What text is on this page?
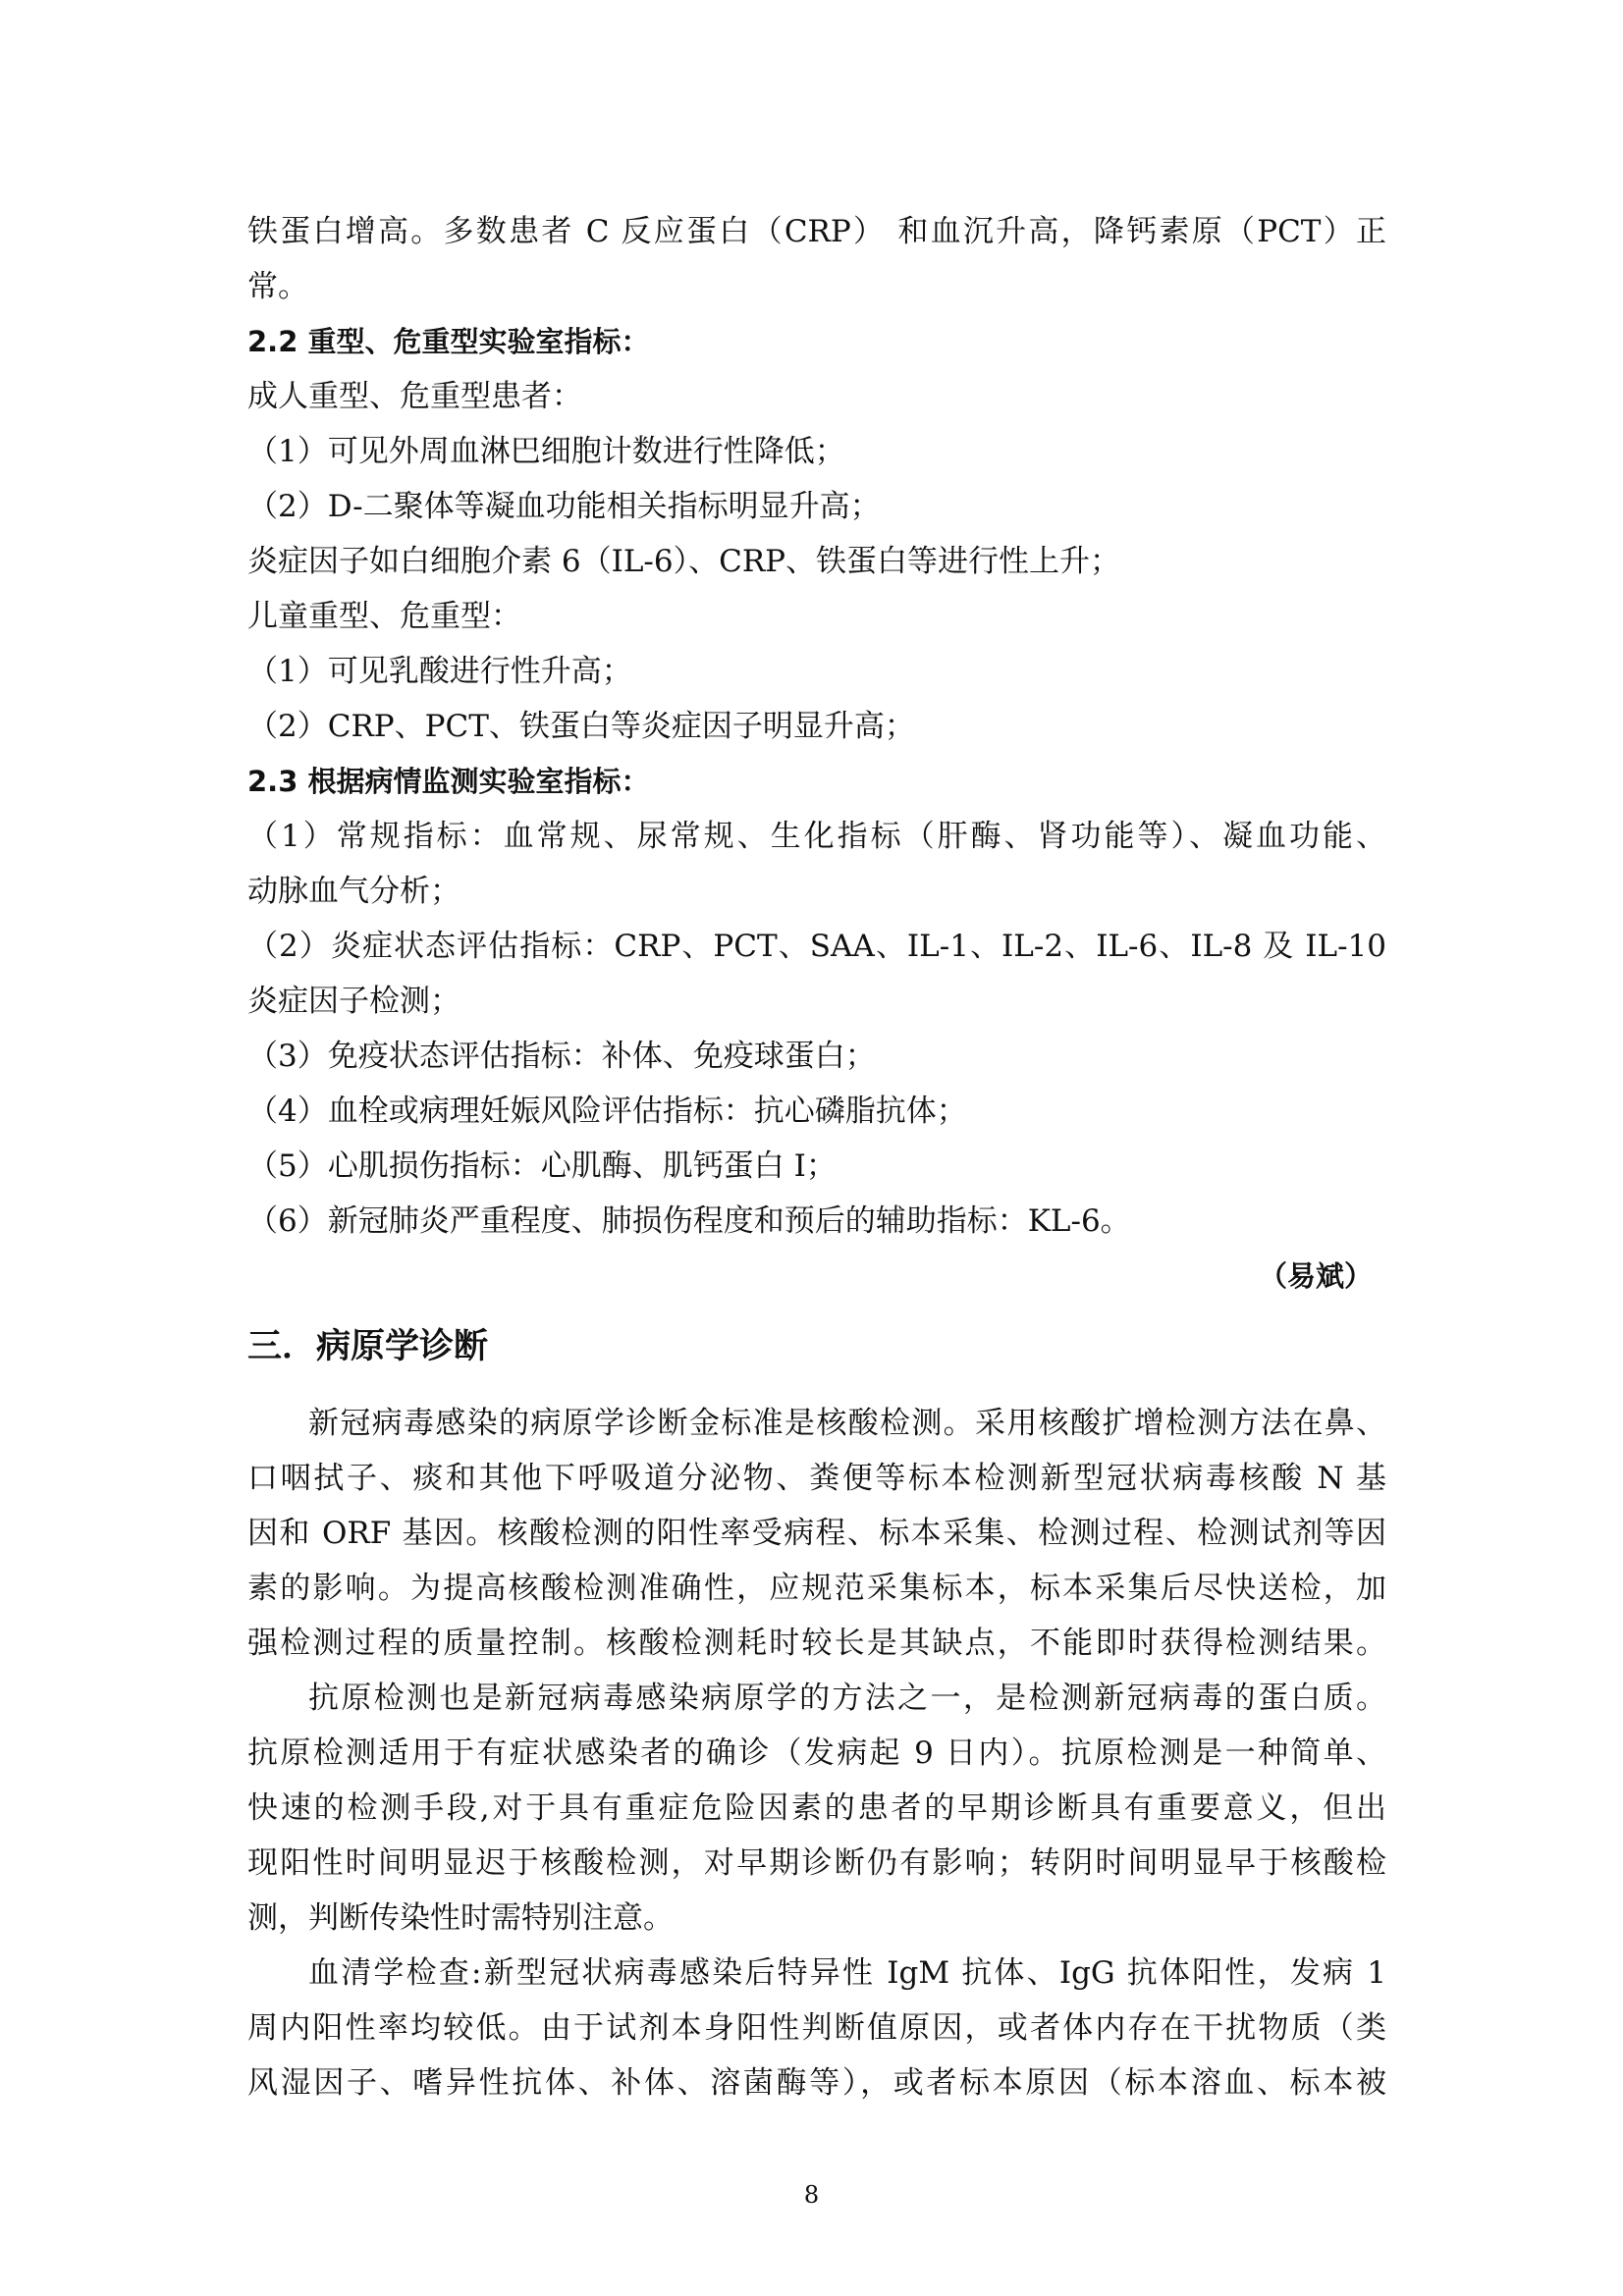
铁蛋白增高。多数患者 C 反应蛋白（CRP） 和血沉升高，降钙素原（PCT）正

常。

2.2 重型、危重型实验室指标：

成人重型、危重型患者：

（1）可见外周血淋巴细胞计数进行性降低；

（2）D-二聚体等凝血功能相关指标明显升高；

炎症因子如白细胞介素 6（IL-6）、CRP、铁蛋白等进行性上升；

儿童重型、危重型：

（1）可见乳酸进行性升高；

（2）CRP、PCT、铁蛋白等炎症因子明显升高；

2.3 根据病情监测实验室指标：

（1）常规指标：血常规、尿常规、生化指标（肝酶、肾功能等）、凝血功能、

动脉血气分析；

（2）炎症状态评估指标：CRP、PCT、SAA、IL-1、IL-2、IL-6、IL-8 及 IL-10

炎症因子检测；

（3）免疫状态评估指标：补体、免疫球蛋白；

（4）血栓或病理妊娠风险评估指标：抗心磷脂抗体；

（5）心肌损伤指标：心肌酶、肌钙蛋白 I；

（6）新冠肺炎严重程度、肺损伤程度和预后的辅助指标：KL-6。

（易斌）

三．病原学诊断

新冠病毒感染的病原学诊断金标准是核酸检测。采用核酸扩增检测方法在鼻、

口咽拭子、痰和其他下呼吸道分泌物、粪便等标本检测新型冠状病毒核酸 N 基

因和 ORF 基因。核酸检测的阳性率受病程、标本采集、检测过程、检测试剂等因

素的影响。为提高核酸检测准确性，应规范采集标本，标本采集后尽快送检，加

强检测过程的质量控制。核酸检测耗时较长是其缺点，不能即时获得检测结果。

抗原检测也是新冠病毒感染病原学的方法之一，是检测新冠病毒的蛋白质。

抗原检测适用于有症状感染者的确诊（发病起 9 日内）。抗原检测是一种简单、

快速的检测手段,对于具有重症危险因素的患者的早期诊断具有重要意义，但出

现阳性时间明显迟于核酸检测，对早期诊断仍有影响；转阴时间明显早于核酸检

测，判断传染性时需特别注意。

血清学检查:新型冠状病毒感染后特异性 IgM 抗体、IgG 抗体阳性，发病 1

周内阳性率均较低。由于试剂本身阳性判断值原因，或者体内存在干扰物质（类

风湿因子、嗜异性抗体、补体、溶菌酶等），或者标本原因（标本溶血、标本被

8
